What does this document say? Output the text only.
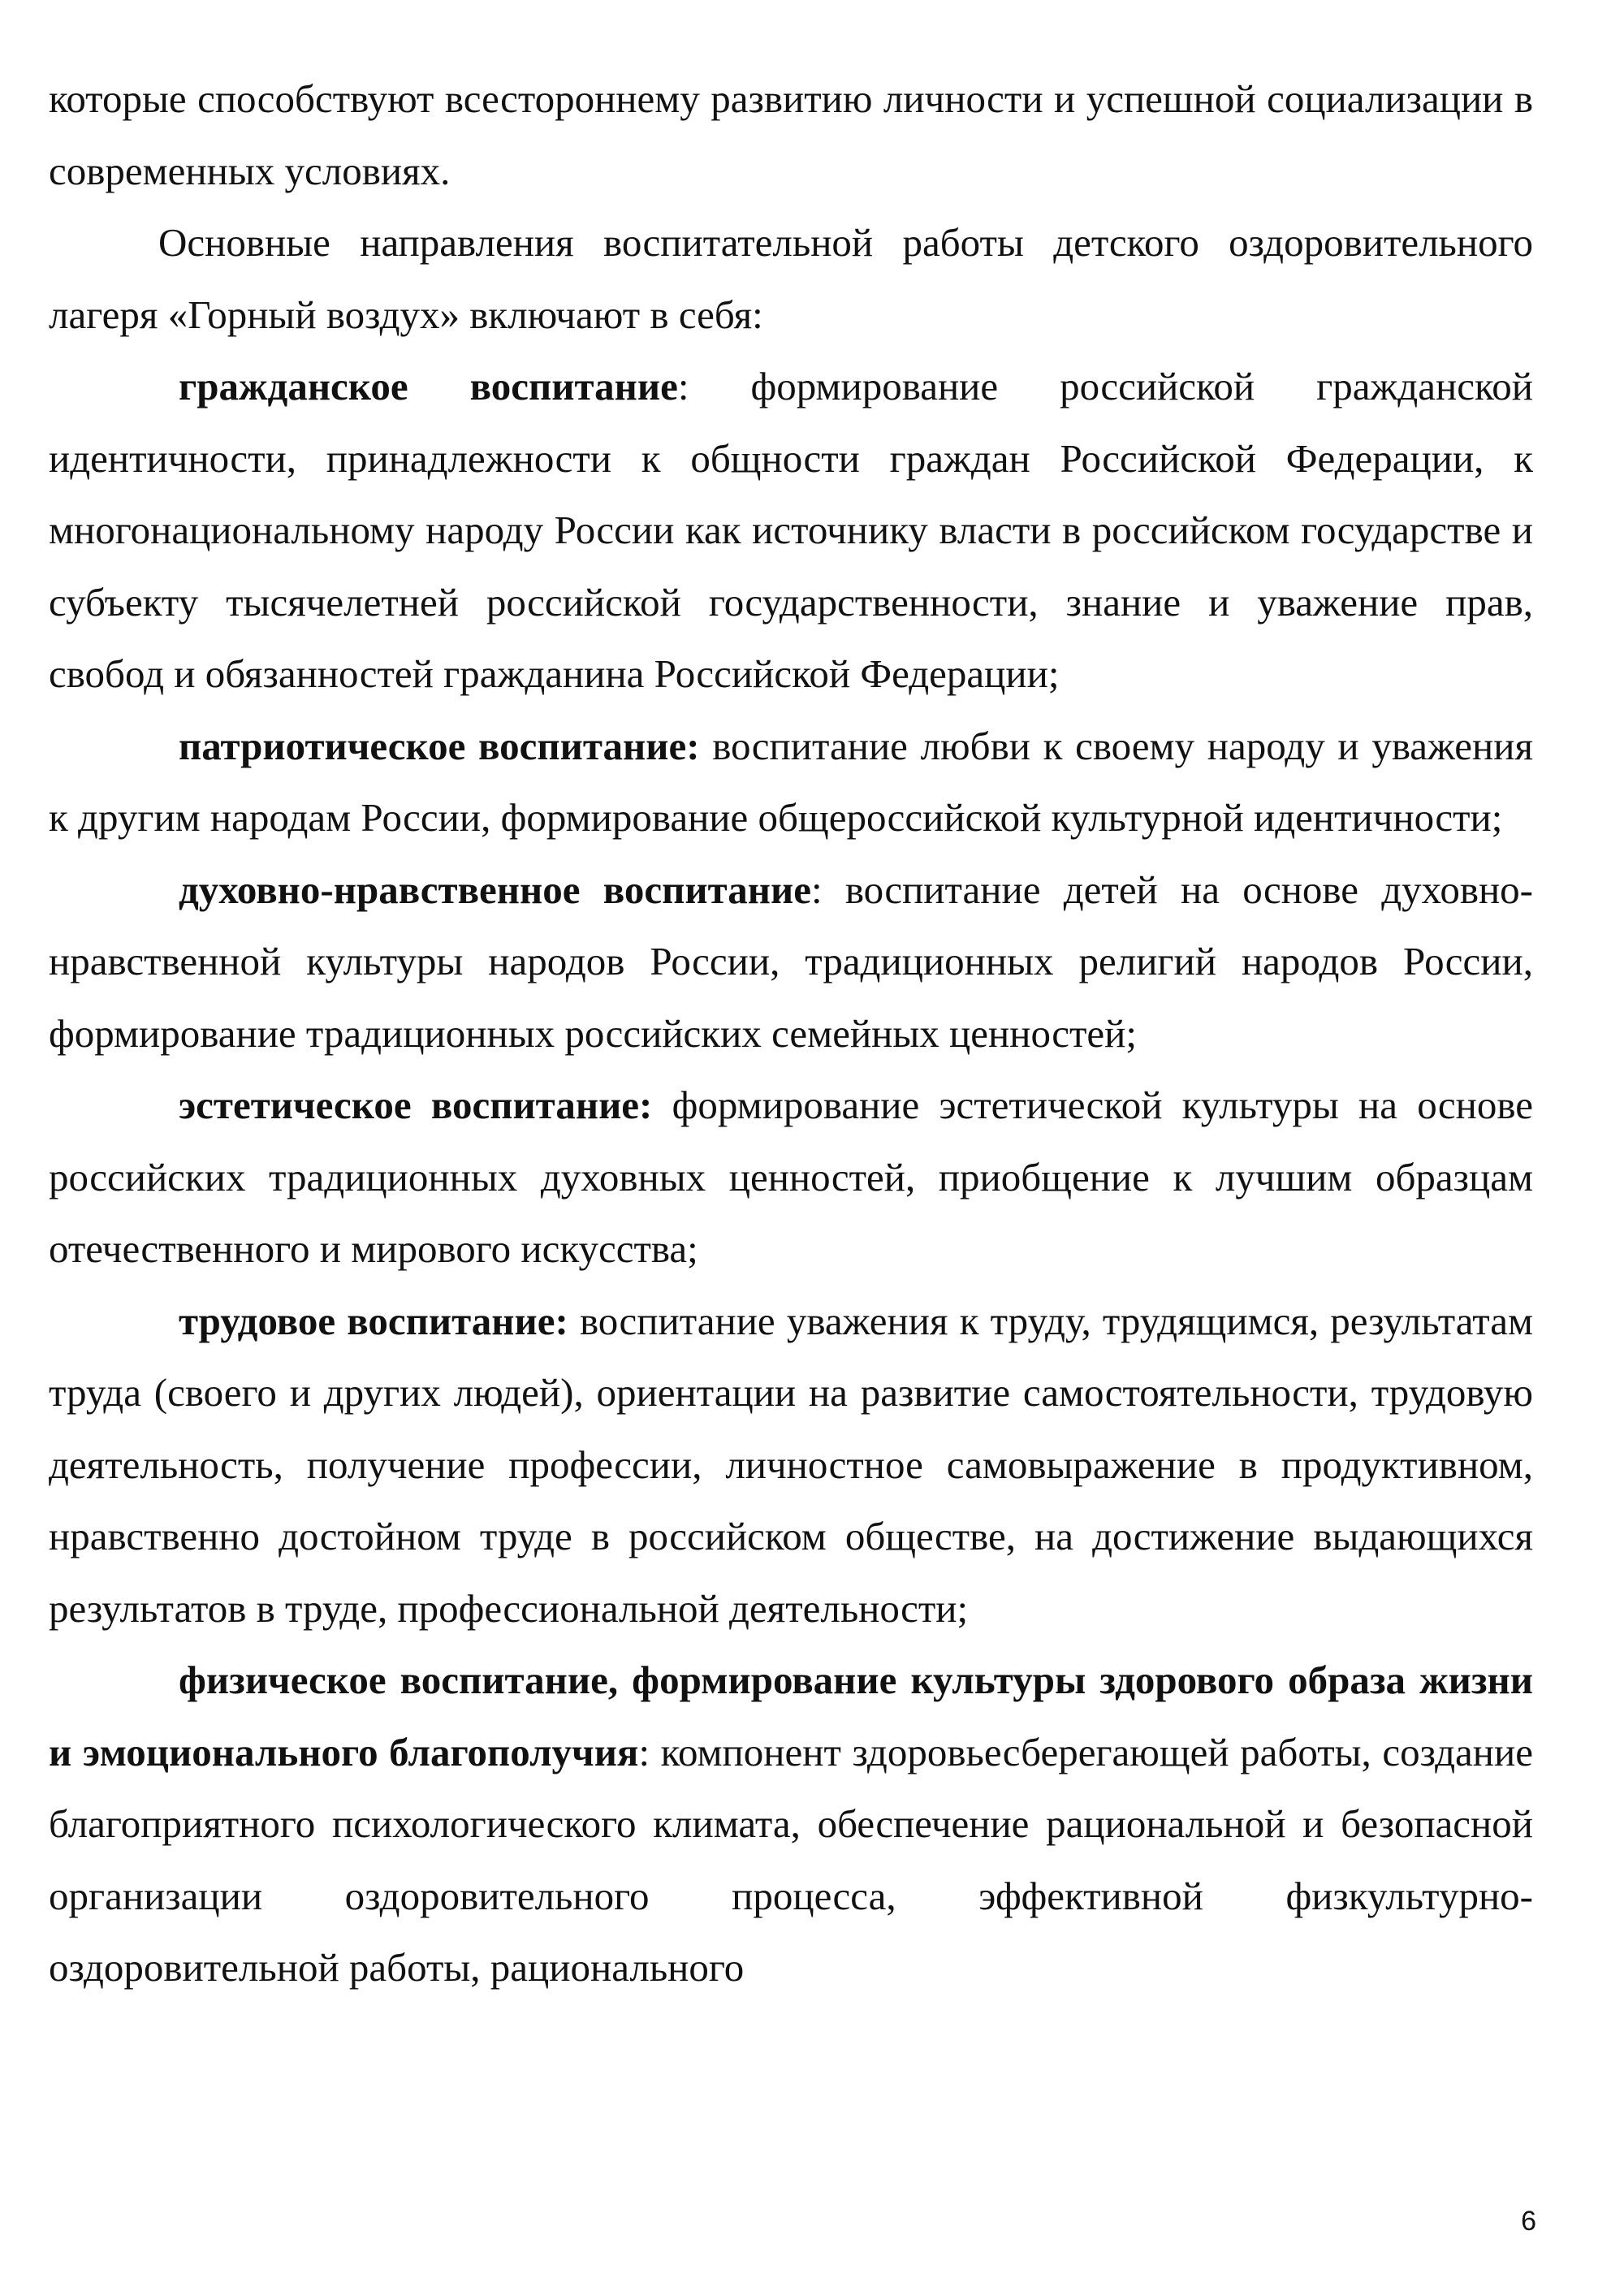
которые способствуют всестороннему развитию личности и успешной социализации в современных условиях.

Основные направления воспитательной работы детского оздоровительного лагеря «Горный воздух» включают в себя:

гражданское воспитание: формирование российской гражданской идентичности, принадлежности к общности граждан Российской Федерации, к многонациональному народу России как источнику власти в российском государстве и субъекту тысячелетней российской государственности, знание и уважение прав, свобод и обязанностей гражданина Российской Федерации;

патриотическое воспитание: воспитание любви к своему народу и уважения к другим народам России, формирование общероссийской культурной идентичности;

духовно-нравственное воспитание: воспитание детей на основе духовно-нравственной культуры народов России, традиционных религий народов России, формирование традиционных российских семейных ценностей;

эстетическое воспитание: формирование эстетической культуры на основе российских традиционных духовных ценностей, приобщение к лучшим образцам отечественного и мирового искусства;

трудовое воспитание: воспитание уважения к труду, трудящимся, результатам труда (своего и других людей), ориентации на развитие самостоятельности, трудовую деятельность, получение профессии, личностное самовыражение в продуктивном, нравственно достойном труде в российском обществе, на достижение выдающихся результатов в труде, профессиональной деятельности;

физическое воспитание, формирование культуры здорового образа жизни и эмоционального благополучия: компонент здоровьесберегающей работы, создание благоприятного психологического климата, обеспечение рациональной и безопасной организации оздоровительного процесса, эффективной физкультурно-оздоровительной работы, рационального

6
